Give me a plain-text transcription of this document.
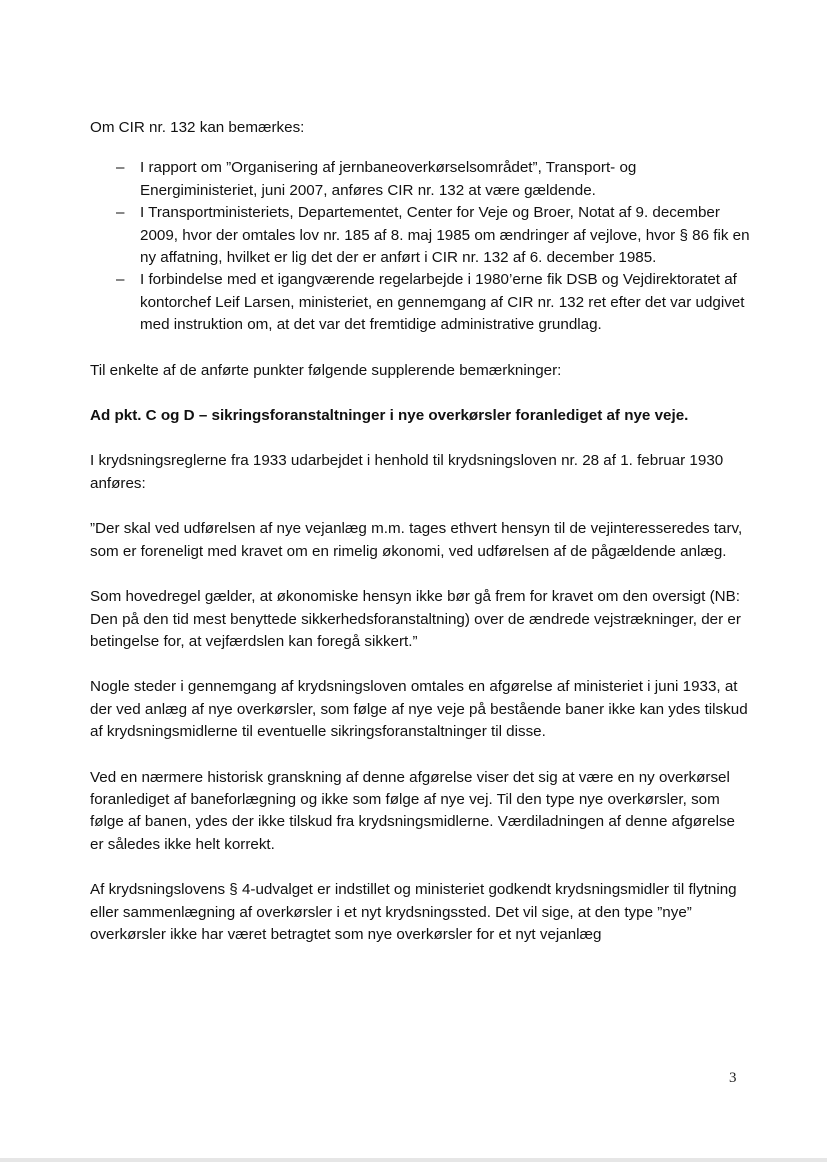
Om CIR nr. 132 kan bemærkes:

– I rapport om ”Organisering af jernbaneoverkørselsområdet”, Transport- og Energiministeriet, juni 2007, anføres CIR nr. 132 at være gældende.
– I Transportministeriets, Departementet, Center for Veje og Broer, Notat af 9. december 2009, hvor der omtales lov nr. 185 af 8. maj 1985 om ændringer af vejlove, hvor § 86 fik en ny affatning, hvilket er lig det der er anført i CIR nr. 132 af 6. december 1985.
– I forbindelse med et igangværende regelarbejde i 1980’erne fik DSB og Vejdirektoratet af kontorchef Leif Larsen, ministeriet, en gennemgang af CIR nr. 132 ret efter det var udgivet med instruktion om, at det var det fremtidige administrative grundlag.

Til enkelte af de anførte punkter følgende supplerende bemærkninger:

Ad pkt. C og D – sikringsforanstaltninger i nye overkørsler foranlediget af nye veje.

I krydsningsreglerne fra 1933 udarbejdet i henhold til krydsningsloven nr. 28 af 1. februar 1930 anføres:

”Der skal ved udførelsen af nye vejanlæg m.m. tages ethvert hensyn til de vejinteresseredes tarv, som er foreneligt med kravet om en rimelig økonomi, ved udførelsen af de pågældende anlæg.

Som hovedregel gælder, at økonomiske hensyn ikke bør gå frem for kravet om den oversigt (NB: Den på den tid mest benyttede sikkerhedsforanstaltning) over de ændrede vejstrækninger, der er betingelse for, at vejfærdslen kan foregå sikkert.”

Nogle steder i gennemgang af krydsningsloven omtales en afgørelse af ministeriet i juni 1933, at der ved anlæg af nye overkørsler, som følge af nye veje på bestående baner ikke kan ydes tilskud af krydsningsmidlerne til eventuelle sikringsforanstaltninger til disse.

Ved en nærmere historisk granskning af denne afgørelse viser det sig at være en ny overkørsel foranlediget af baneforlægning og ikke som følge af nye vej. Til den type nye overkørsler, som følge af banen, ydes der ikke tilskud fra krydsningsmidlerne. Værdiladningen af denne afgørelse er således ikke helt korrekt.

Af krydsningslovens § 4-udvalget er indstillet og ministeriet godkendt krydsningsmidler til flytning eller sammenlægning af overkørsler i et nyt krydsningssted. Det vil sige, at den type ”nye” overkørsler ikke har været betragtet som nye overkørsler for et nyt vejanlæg

3
